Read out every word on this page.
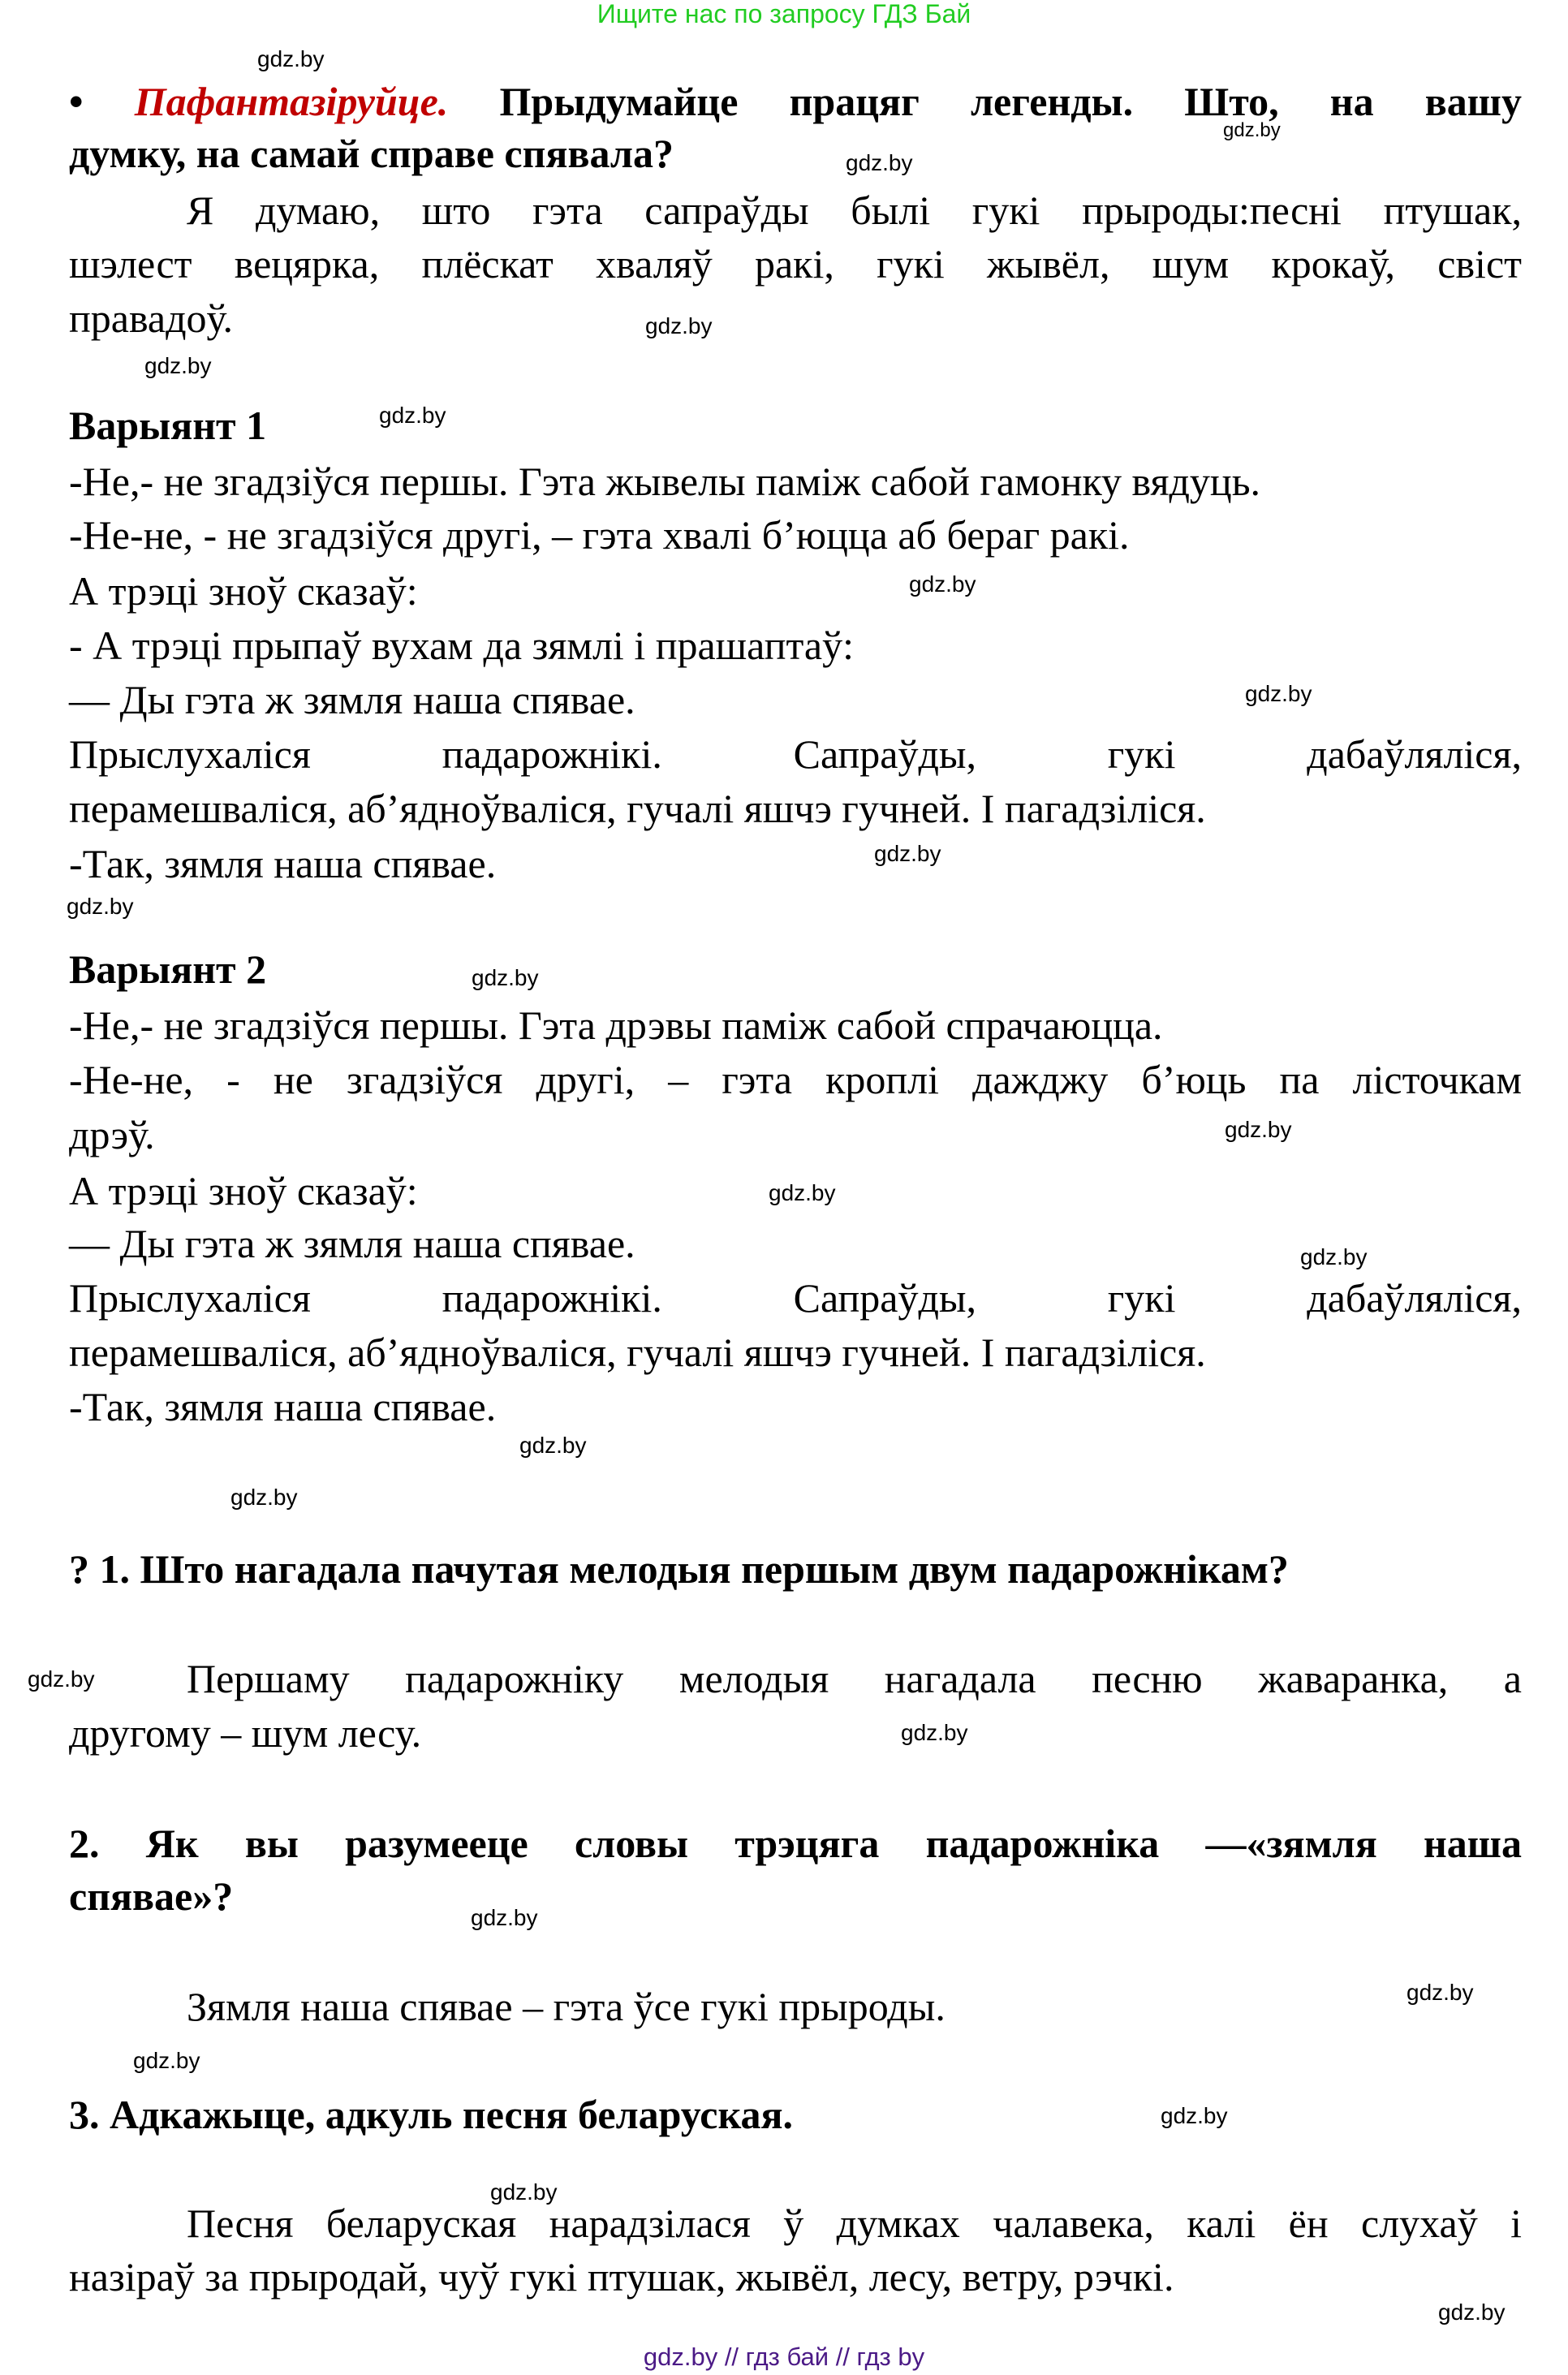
Ищите нас по запросу ГДЗ Бай
• Пафантазіруйце. Прыдумайце працяг легенды. Што, на вашу
думку, на самай справе спявала?
Я думаю, што гэта сапраўды былі гукі прыроды:песні птушак,
шэлест вецярка, плёскат хваляў ракі, гукі жывёл, шум крокаў, свіст
правадоў.
Варыянт 1
-Не,- не згадзіўся першы. Гэта жывелы паміж сабой гамонку вядуць.
-Не-не, - не згадзіўся другі, – гэта хвалі б’юцца аб бераг ракі.
А трэці зноў сказаў:
- А трэці прыпаў вухам да зямлі і прашаптаў:
— Ды гэта ж зямля наша спявае.
Прыслухаліся падарожнікі. Сапраўды, гукі дабаўляліся,
перамешваліся, аб’ядноўваліся, гучалі яшчэ гучней. І пагадзіліся.
-Так, зямля наша спявае.
Варыянт 2
-Не,- не згадзіўся першы. Гэта дрэвы паміж сабой спрачаюцца.
-Не-не, - не згадзіўся другі, – гэта кроплі дажджу б’юць па лісточкам
дрэў.
А трэці зноў сказаў:
— Ды гэта ж зямля наша спявае.
Прыслухаліся падарожнікі. Сапраўды, гукі дабаўляліся,
перамешваліся, аб’ядноўваліся, гучалі яшчэ гучней. І пагадзіліся.
-Так, зямля наша спявае.
? 1. Што нагадала пачутая мелодыя першым двум падарожнікам?
Першаму падарожніку мелодыя нагадала песню жаваранка, а
другому – шум лесу.
2. Як вы разумееце словы трэцяга падарожніка —«зямля наша
спявае»?
Зямля наша спявае – гэта ўсе гукі прыроды.
3. Адкажыце, адкуль песня беларуская.
Песня беларуская нарадзілася ў думках чалавека, калі ён слухаў і
назіраў за прыродай, чуў гукі птушак, жывёл, лесу, ветру, рэчкі.
gdz.by
gdz.by
gdz.by
gdz.by
gdz.by
gdz.by
gdz.by
gdz.by
gdz.by
gdz.by
gdz.by
gdz.by
gdz.by
gdz.by
gdz.by
gdz.by
gdz.by
gdz.by
gdz.by
gdz.by
gdz.by
gdz.by
gdz.by
gdz.by
gdz.by // гдз бай // гдз by
